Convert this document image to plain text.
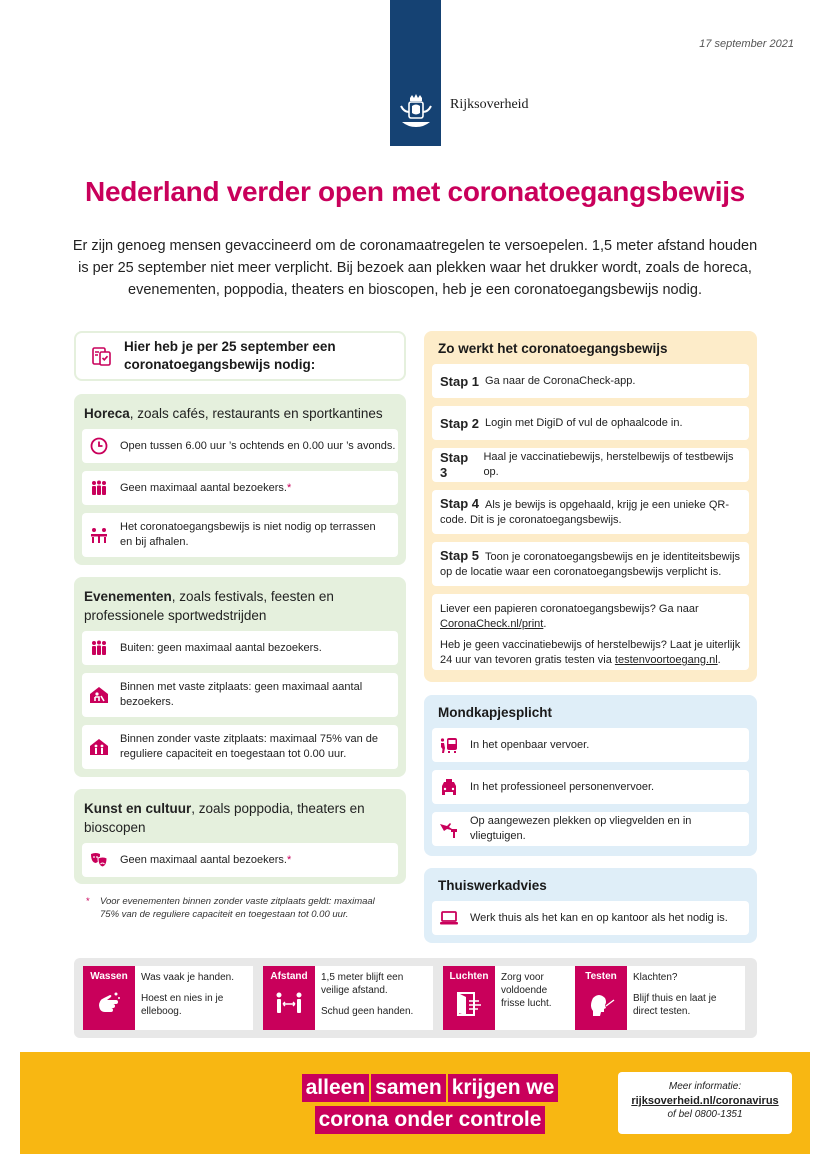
17 september 2021
Rijksoverheid
Nederland verder open met coronatoegangsbewijs

Er zijn genoeg mensen gevaccineerd om de coronamaatregelen te versoepelen. 1,5 meter afstand houden is per 25 september niet meer verplicht. Bij bezoek aan plekken waar het drukker wordt, zoals de horeca, evenementen, poppodia, theaters en bioscopen, heb je een coronatoegangsbewijs nodig.

Hier heb je per 25 september een coronatoegangsbewijs nodig:
Horeca, zoals cafés, restaurants en sportkantines
Open tussen 6.00 uur ’s ochtends en 0.00 uur ’s avonds.
Geen maximaal aantal bezoekers.*
Het coronatoegangsbewijs is niet nodig op terrassen en bij afhalen.
Evenementen, zoals festivals, feesten en professionele sportwedstrijden
Buiten: geen maximaal aantal bezoekers.
Binnen met vaste zitplaats: geen maximaal aantal bezoekers.
Binnen zonder vaste zitplaats: maximaal 75% van de reguliere capaciteit en toegestaan tot 0.00 uur.
Kunst en cultuur, zoals poppodia, theaters en bioscopen
Geen maximaal aantal bezoekers.*
* Voor evenementen binnen zonder vaste zitplaats geldt: maximaal 75% van de reguliere capaciteit en toegestaan tot 0.00 uur.
Zo werkt het coronatoegangsbewijs
Stap 1 Ga naar de CoronaCheck-app.
Stap 2 Login met DigiD of vul de ophaalcode in.
Stap 3
Haal je vaccinatiebewijs, herstelbewijs of testbewijs op.
Stap 4 Als je bewijs is opgehaald, krijg je een unieke QR-code. Dit is je coronatoegangsbewijs.
Stap 5 Toon je coronatoegangsbewijs en je identiteitsbewijs op de locatie waar een coronatoegangsbewijs verplicht is.
Liever een papieren coronatoegangsbewijs? Ga naar CoronaCheck.nl/print.
Heb je geen vaccinatiebewijs of herstelbewijs? Laat je uiterlijk 24 uur van tevoren gratis testen via testenvoortoegang.nl.
Mondkapjesplicht
In het openbaar vervoer.
In het professioneel personenvervoer.
Op aangewezen plekken op vliegvelden en in vliegtuigen.
Thuiswerkadvies
Werk thuis als het kan en op kantoor als het nodig is.
Wassen	Was vaak je handen.
Hoest en nies in je elleboog.
Afstand	1,5 meter blijft een veilige afstand.
Schud geen handen.
Luchten	Zorg voor voldoende frisse lucht.
Testen	Klachten?
Blijf thuis en laat je direct testen.
alleen samen krijgen we
corona onder controle
Meer informatie:
rijksoverheid.nl/coronavirus
of bel 0800-1351
